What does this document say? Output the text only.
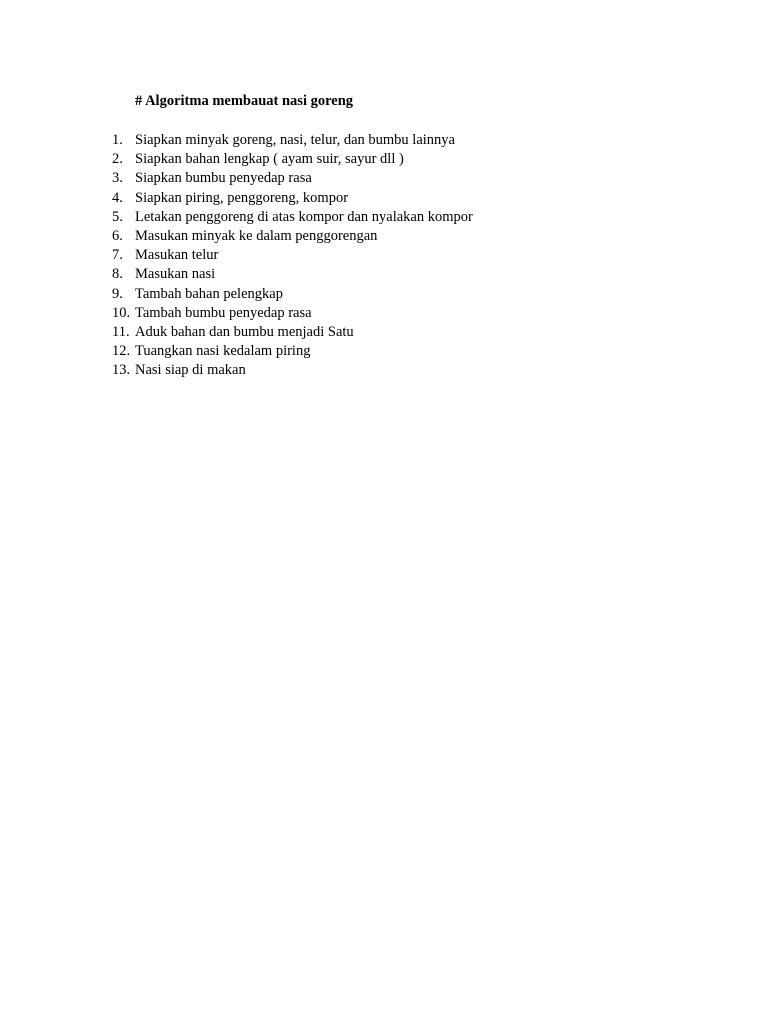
# Algoritma membauat nasi goreng
1. Siapkan minyak goreng, nasi, telur, dan bumbu lainnya
2. Siapkan bahan lengkap ( ayam suir, sayur dll )
3. Siapkan bumbu penyedap rasa
4. Siapkan piring, penggoreng, kompor
5. Letakan penggoreng di atas kompor dan nyalakan kompor
6. Masukan minyak ke dalam penggorengan
7. Masukan telur
8. Masukan nasi
9. Tambah bahan pelengkap
10. Tambah bumbu penyedap rasa
11. Aduk bahan dan bumbu menjadi Satu
12. Tuangkan nasi kedalam piring
13. Nasi siap di makan
